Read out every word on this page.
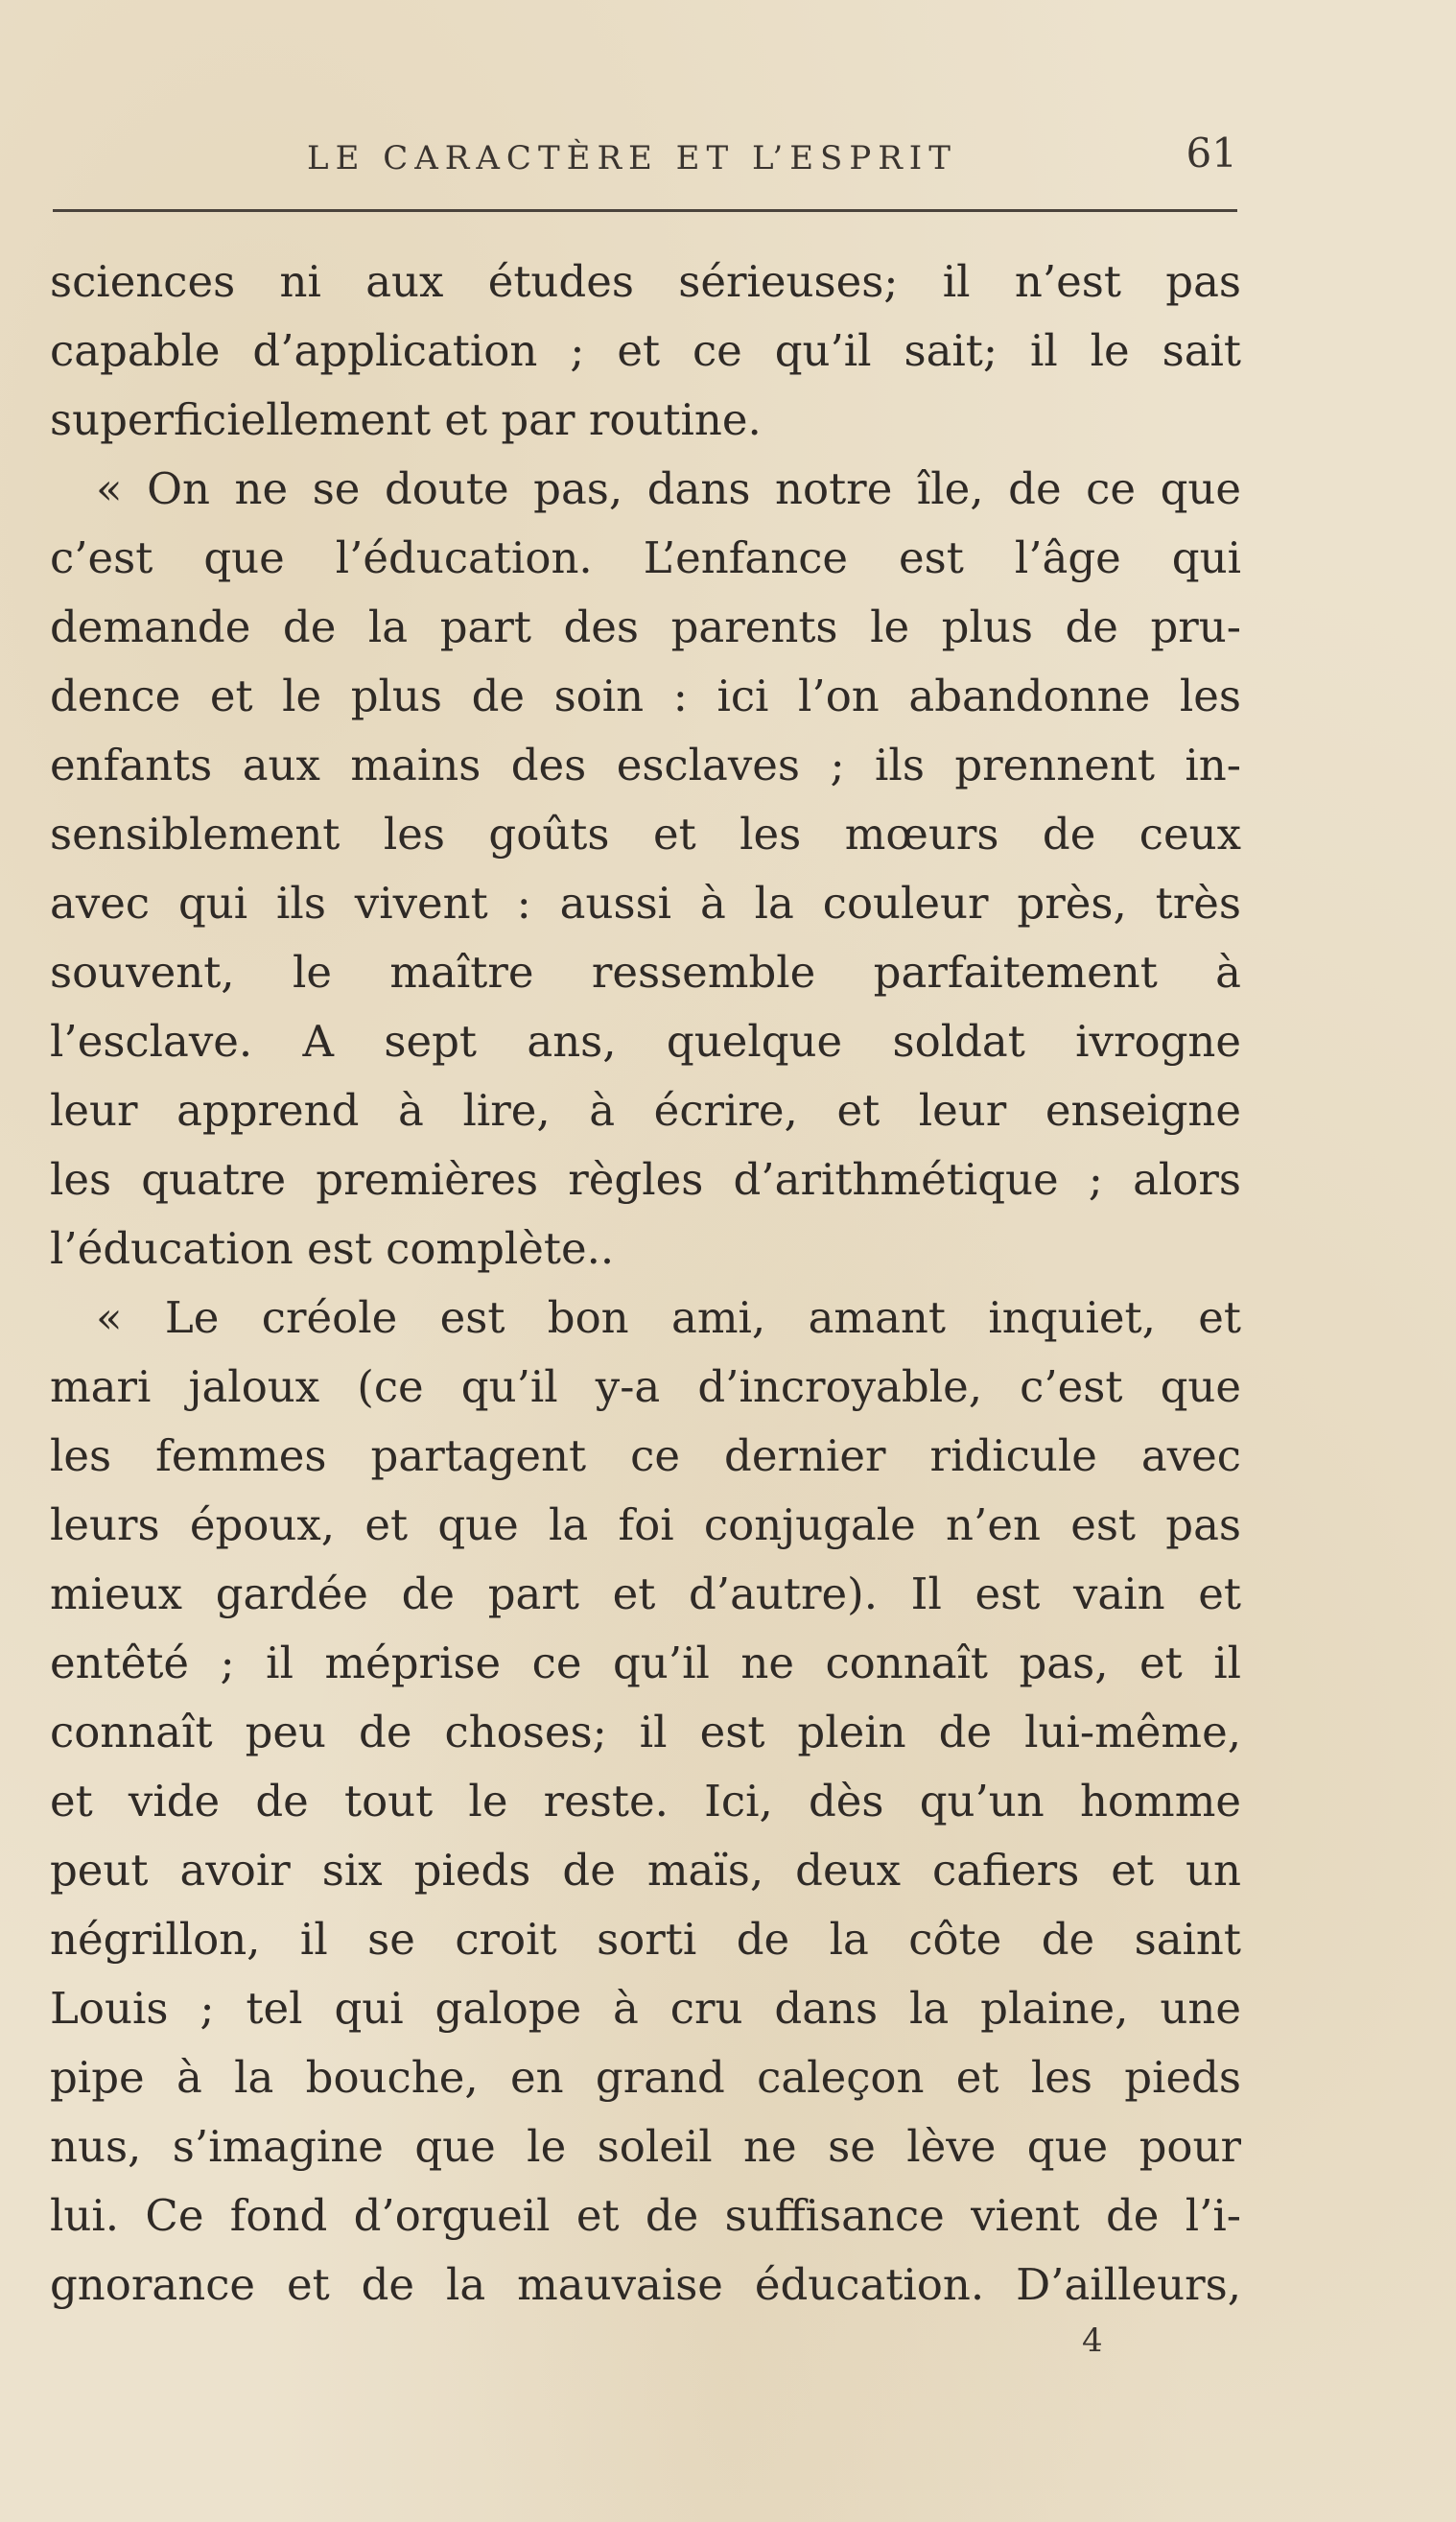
LE CARACTÈRE ET L’ESPRIT	61
sciences ni aux études sérieuses; il n’est pas
capable d’application ; et ce qu’il sait; il le sait
superficiellement et par routine.
« On ne se doute pas, dans notre île, de ce que
c’est que l’éducation. L’enfance est l’âge qui
demande de la part des parents le plus de pru-
dence et le plus de soin : ici l’on abandonne les
enfants aux mains des esclaves ; ils prennent in-
sensiblement les goûts et les mœurs de ceux
avec qui ils vivent : aussi à la couleur près, très
souvent, le maître ressemble parfaitement à
l’esclave. A sept ans, quelque soldat ivrogne
leur apprend à lire, à écrire, et leur enseigne
les quatre premières règles d’arithmétique ; alors
l’éducation est complète..
« Le créole est bon ami, amant inquiet, et
mari jaloux (ce qu’il y-a d’incroyable, c’est que
les femmes partagent ce dernier ridicule avec
leurs époux, et que la foi conjugale n’en est pas
mieux gardée de part et d’autre). Il est vain et
entêté ; il méprise ce qu’il ne connaît pas, et il
connaît peu de choses; il est plein de lui-même,
et vide de tout le reste. Ici, dès qu’un homme
peut avoir six pieds de maïs, deux cafiers et un
négrillon, il se croit sorti de la côte de saint
Louis ; tel qui galope à cru dans la plaine, une
pipe à la bouche, en grand caleçon et les pieds
nus, s’imagine que le soleil ne se lève que pour
lui. Ce fond d’orgueil et de suffisance vient de l’i-
gnorance et de la mauvaise éducation. D’ailleurs,
4
